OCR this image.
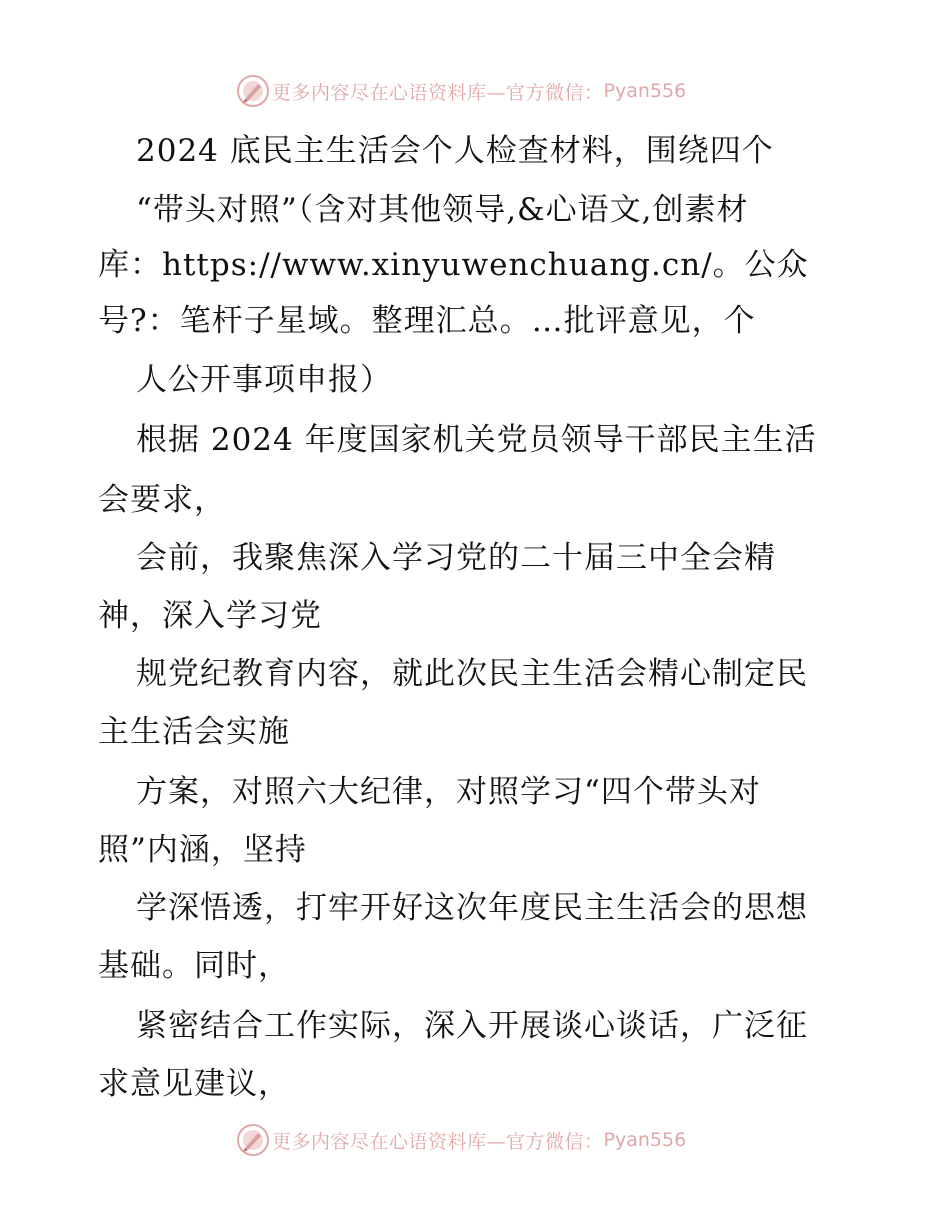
更多内容尽在心语资料库—官方微信： Pyan556
2024 底民主生活会个人检查材料，围绕四个
“带头对照”（含对其他领导,&心语文,创素材
库：https://www.xinyuwenchuang.cn/。公众
号?：笔杆子星域。整理汇总。…批评意见，个
人公开事项申报）
根据 2024 年度国家机关党员领导干部民主生活
会要求，
会前，我聚焦深入学习党的二十届三中全会精
神，深入学习党
规党纪教育内容，就此次民主生活会精心制定民
主生活会实施
方案，对照六大纪律，对照学习“四个带头对
照”内涵，坚持
学深悟透，打牢开好这次年度民主生活会的思想
基础。同时，
紧密结合工作实际，深入开展谈心谈话，广泛征
求意见建议，
更多内容尽在心语资料库—官方微信： Pyan556
